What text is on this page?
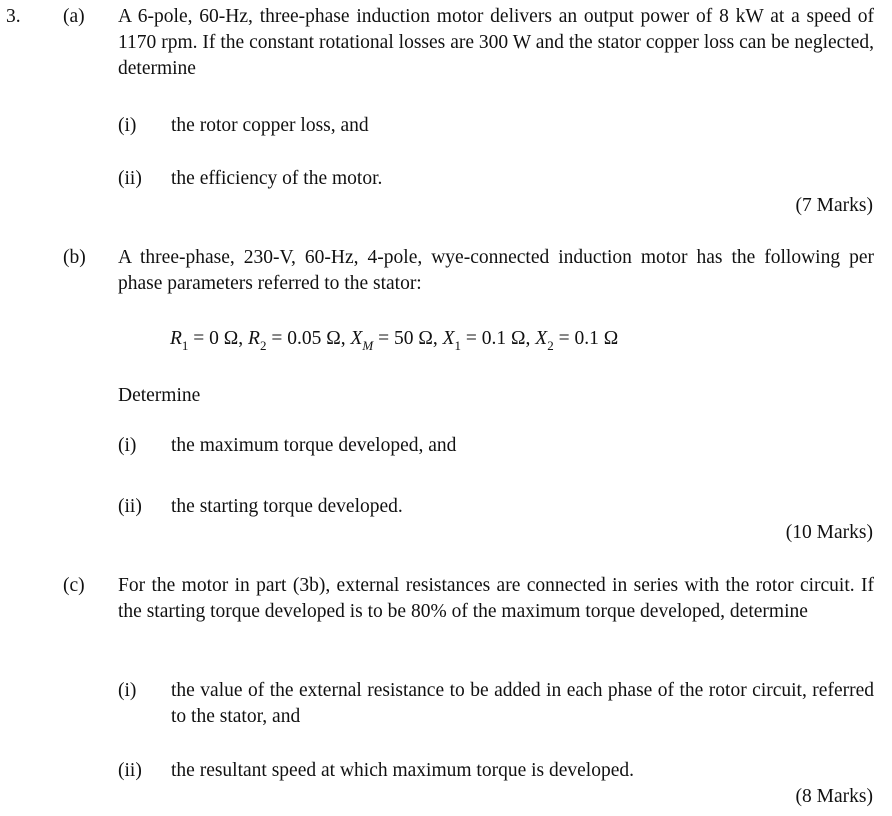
3. (a) A 6-pole, 60-Hz, three-phase induction motor delivers an output power of 8 kW at a speed of 1170 rpm. If the constant rotational losses are 300 W and the stator copper loss can be neglected, determine
(i) the rotor copper loss, and
(ii) the efficiency of the motor.
(7 Marks)
(b) A three-phase, 230-V, 60-Hz, 4-pole, wye-connected induction motor has the following per phase parameters referred to the stator:
$R_1 = 0$ Ω, $R_2 = 0.05$ Ω, $X_M = 50$ Ω, $X_1 = 0.1$ Ω, $X_2 = 0.1$ Ω
Determine
(i) the maximum torque developed, and
(ii) the starting torque developed.
(10 Marks)
(c) For the motor in part (3b), external resistances are connected in series with the rotor circuit. If the starting torque developed is to be 80% of the maximum torque developed, determine
(i) the value of the external resistance to be added in each phase of the rotor circuit, referred to the stator, and
(ii) the resultant speed at which maximum torque is developed.
(8 Marks)
